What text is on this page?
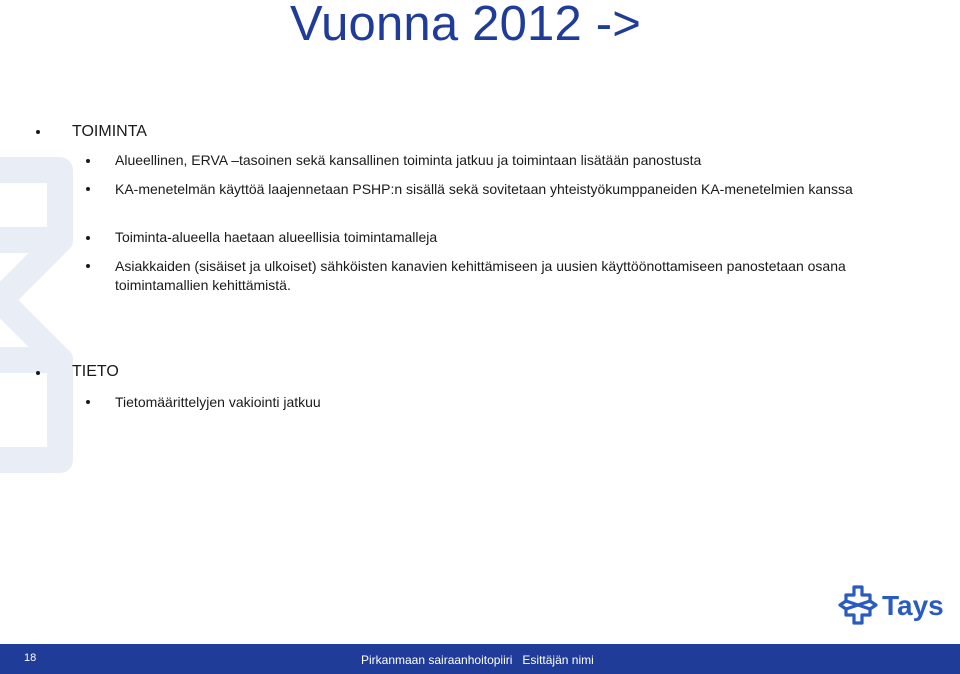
Vuonna 2012 ->
TOIMINTA
Alueellinen, ERVA –tasoinen sekä kansallinen toiminta jatkuu ja toimintaan lisätään panostusta
KA-menetelmän käyttöä laajennetaan PSHP:n sisällä sekä sovitetaan yhteistyökumppaneiden KA-menetelmien kanssa
Toiminta-alueella haetaan alueellisia toimintamalleja
Asiakkaiden (sisäiset ja ulkoiset) sähköisten kanavien kehittämiseen ja uusien käyttöönottamiseen panostetaan osana toimintamallien kehittämistä.
TIETO
Tietomäärittelyjen vakiointi jatkuu
Tays
18	Pirkanmaan sairaanhoitopiiri   Esittäjän nimi
